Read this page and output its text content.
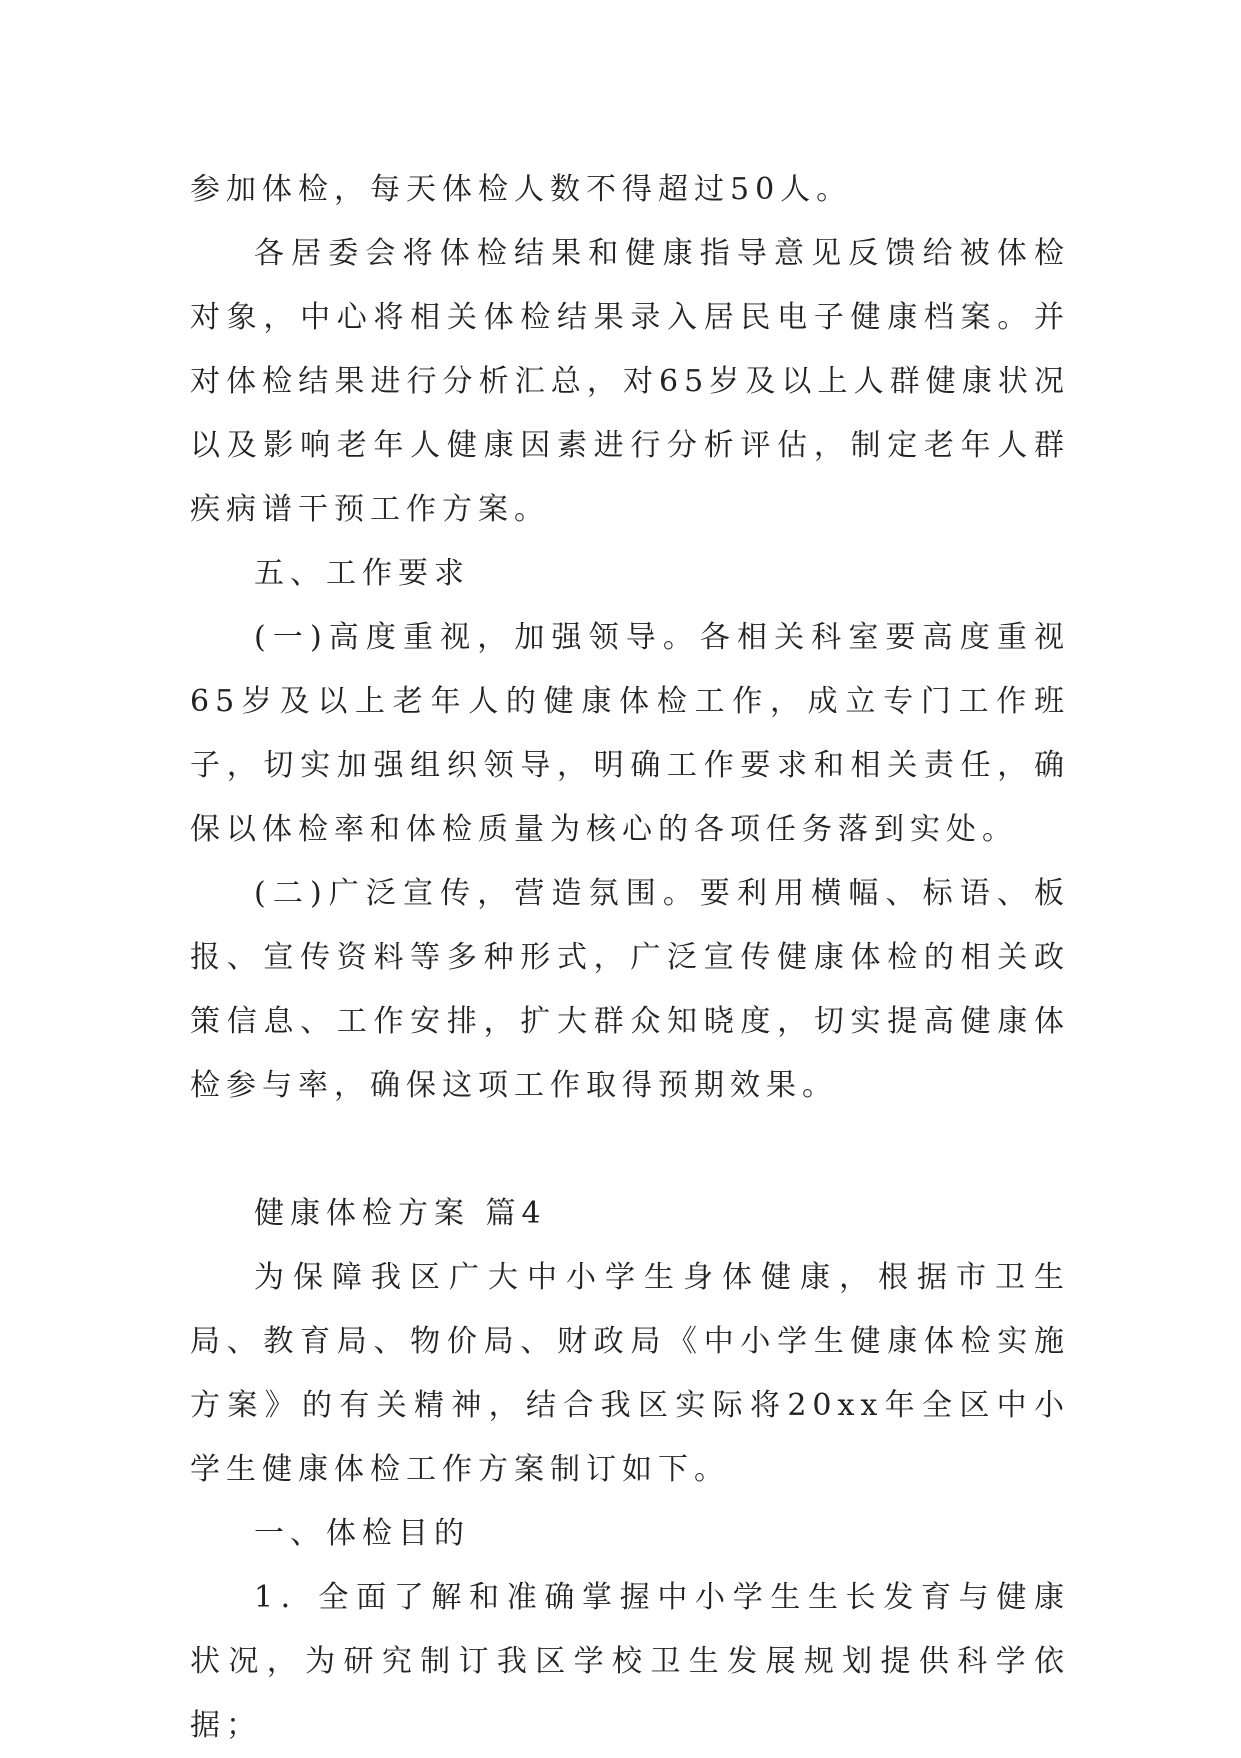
参加体检，每天体检人数不得超过50人。

各居委会将体检结果和健康指导意见反馈给被体检对象，中心将相关体检结果录入居民电子健康档案。并对体检结果进行分析汇总，对65岁及以上人群健康状况以及影响老年人健康因素进行分析评估，制定老年人群疾病谱干预工作方案。

五、工作要求

(一)高度重视，加强领导。各相关科室要高度重视65岁及以上老年人的健康体检工作，成立专门工作班子，切实加强组织领导，明确工作要求和相关责任，确保以体检率和体检质量为核心的各项任务落到实处。

(二)广泛宣传，营造氛围。要利用横幅、标语、板报、宣传资料等多种形式，广泛宣传健康体检的相关政策信息、工作安排，扩大群众知晓度，切实提高健康体检参与率，确保这项工作取得预期效果。

健康体检方案 篇4

为保障我区广大中小学生身体健康，根据市卫生局、教育局、物价局、财政局《中小学生健康体检实施方案》的有关精神，结合我区实际将20xx年全区中小学生健康体检工作方案制订如下。

一、体检目的

1．全面了解和准确掌握中小学生生长发育与健康状况，为研究制订我区学校卫生发展规划提供科学依据；
